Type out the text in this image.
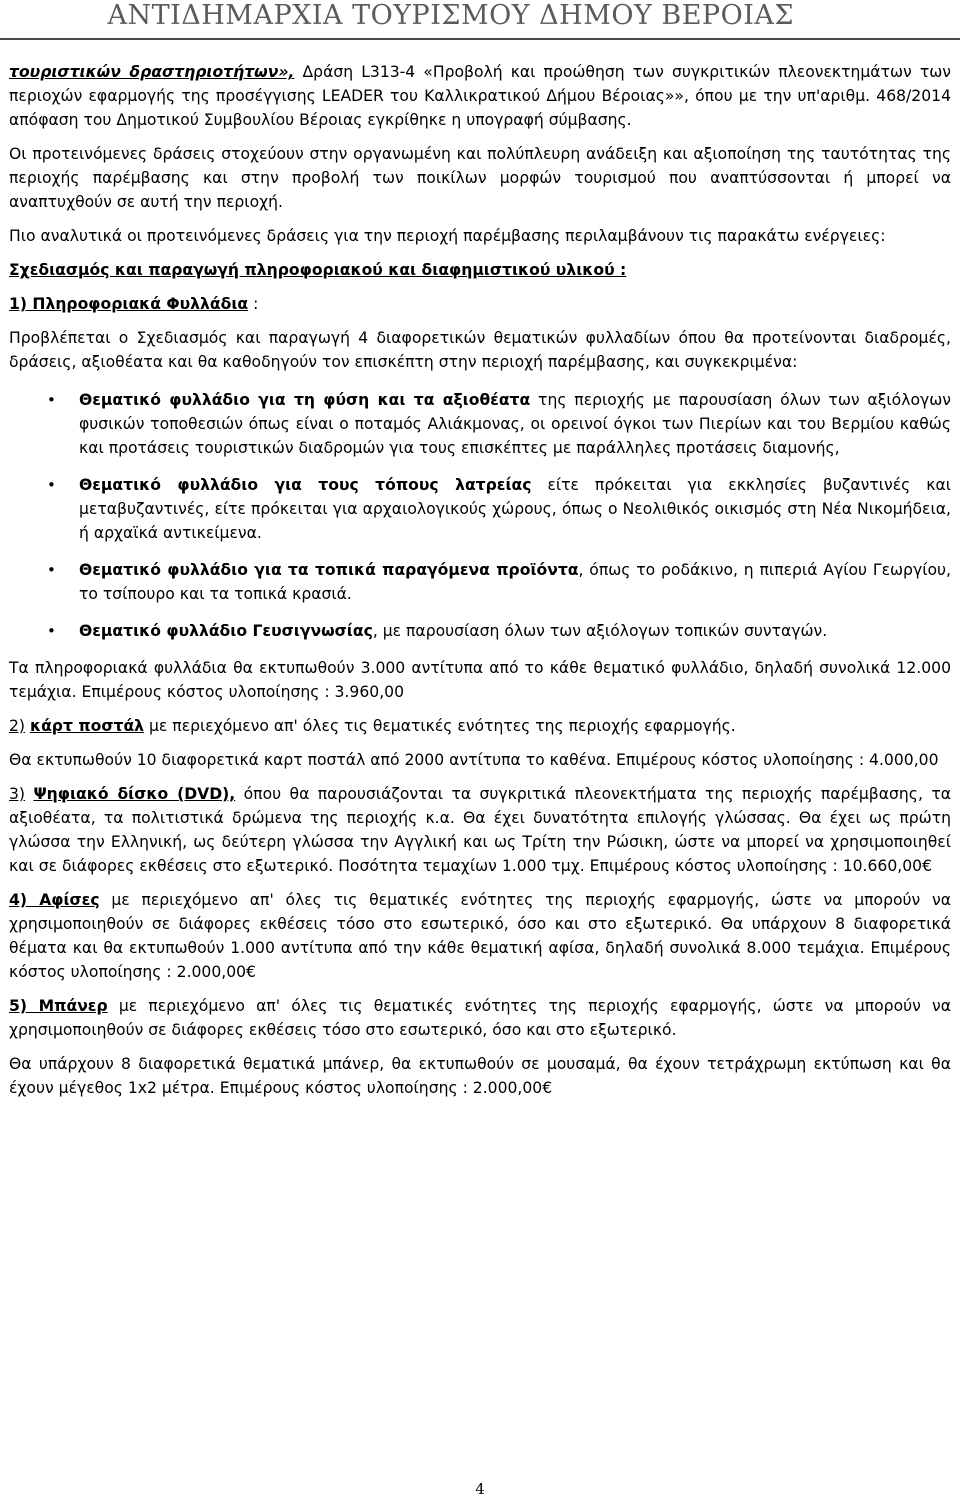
ΑΝΤΙΔΗΜΑΡΧΙΑ ΤΟΥΡΙΣΜΟΥ ΔΗΜΟΥ ΒΕΡΟΙΑΣ

τουριστικών δραστηριοτήτων», Δράση L313-4 «Προβολή και προώθηση των συγκριτικών πλεονεκτημάτων των περιοχών εφαρμογής της προσέγγισης LEADER του Καλλικρατικού Δήμου Βέροιας»», όπου με την υπ'αριθμ. 468/2014 απόφαση του Δημοτικού Συμβουλίου Βέροιας εγκρίθηκε η υπογραφή σύμβασης.

Οι προτεινόμενες δράσεις στοχεύουν στην οργανωμένη και πολύπλευρη ανάδειξη και αξιοποίηση της ταυτότητας της περιοχής παρέμβασης και στην προβολή των ποικίλων μορφών τουρισμού που αναπτύσσονται ή μπορεί να αναπτυχθούν σε αυτή την περιοχή.

Πιο αναλυτικά οι προτεινόμενες δράσεις για την περιοχή παρέμβασης περιλαμβάνουν τις παρακάτω ενέργειες:

Σχεδιασμός και παραγωγή πληροφοριακού και διαφημιστικού υλικού :

1) Πληροφοριακά Φυλλάδια :

Προβλέπεται ο Σχεδιασμός και παραγωγή 4 διαφορετικών θεματικών φυλλαδίων όπου θα προτείνονται διαδρομές, δράσεις, αξιοθέατα και θα καθοδηγούν τον επισκέπτη στην περιοχή παρέμβασης, και συγκεκριμένα:

• Θεματικό φυλλάδιο για τη φύση και τα αξιοθέατα της περιοχής με παρουσίαση όλων των αξιόλογων φυσικών τοποθεσιών όπως είναι ο ποταμός Αλιάκμονας, οι ορεινοί όγκοι των Πιερίων και του Βερμίου καθώς και προτάσεις τουριστικών διαδρομών για τους επισκέπτες με παράλληλες προτάσεις διαμονής,
• Θεματικό φυλλάδιο για τους τόπους λατρείας είτε πρόκειται για εκκλησίες βυζαντινές και μεταβυζαντινές, είτε πρόκειται για αρχαιολογικούς χώρους, όπως ο Νεολιθικός οικισμός στη Νέα Νικομήδεια, ή αρχαϊκά αντικείμενα.
• Θεματικό φυλλάδιο για τα τοπικά παραγόμενα προϊόντα, όπως το ροδάκινο, η πιπεριά Αγίου Γεωργίου, το τσίπουρο και τα τοπικά κρασιά.
• Θεματικό φυλλάδιο Γευσιγνωσίας, με παρουσίαση όλων των αξιόλογων τοπικών συνταγών.

Τα πληροφοριακά φυλλάδια θα εκτυπωθούν 3.000 αντίτυπα από το κάθε θεματικό φυλλάδιο, δηλαδή συνολικά 12.000 τεμάχια. Επιμέρους κόστος υλοποίησης : 3.960,00

2) κάρτ ποστάλ με περιεχόμενο απ' όλες τις θεματικές ενότητες της περιοχής εφαρμογής.

Θα εκτυπωθούν 10 διαφορετικά καρτ ποστάλ από 2000 αντίτυπα το καθένα. Επιμέρους κόστος υλοποίησης : 4.000,00

3) Ψηφιακό δίσκο (DVD), όπου θα παρουσιάζονται τα συγκριτικά πλεονεκτήματα της περιοχής παρέμβασης, τα αξιοθέατα, τα πολιτιστικά δρώμενα της περιοχής κ.α. Θα έχει δυνατότητα επιλογής γλώσσας. Θα έχει ως πρώτη γλώσσα την Ελληνική, ως δεύτερη γλώσσα την Αγγλική και ως Τρίτη την Ρώσικη, ώστε να μπορεί να χρησιμοποιηθεί και σε διάφορες εκθέσεις στο εξωτερικό. Ποσότητα τεμαχίων 1.000 τμχ. Επιμέρους κόστος υλοποίησης : 10.660,00€

4) Αφίσες με περιεχόμενο απ' όλες τις θεματικές ενότητες της περιοχής εφαρμογής, ώστε να μπορούν να χρησιμοποιηθούν σε διάφορες εκθέσεις τόσο στο εσωτερικό, όσο και στο εξωτερικό. Θα υπάρχουν 8 διαφορετικά θέματα και θα εκτυπωθούν 1.000 αντίτυπα από την κάθε θεματική αφίσα, δηλαδή συνολικά 8.000 τεμάχια. Επιμέρους κόστος υλοποίησης : 2.000,00€

5) Μπάνερ με περιεχόμενο απ' όλες τις θεματικές ενότητες της περιοχής εφαρμογής, ώστε να μπορούν να χρησιμοποιηθούν σε διάφορες εκθέσεις τόσο στο εσωτερικό, όσο και στο εξωτερικό.

Θα υπάρχουν 8 διαφορετικά θεματικά μπάνερ, θα εκτυπωθούν σε μουσαμά, θα έχουν τετράχρωμη εκτύπωση και θα έχουν μέγεθος 1x2 μέτρα. Επιμέρους κόστος υλοποίησης : 2.000,00€

4
